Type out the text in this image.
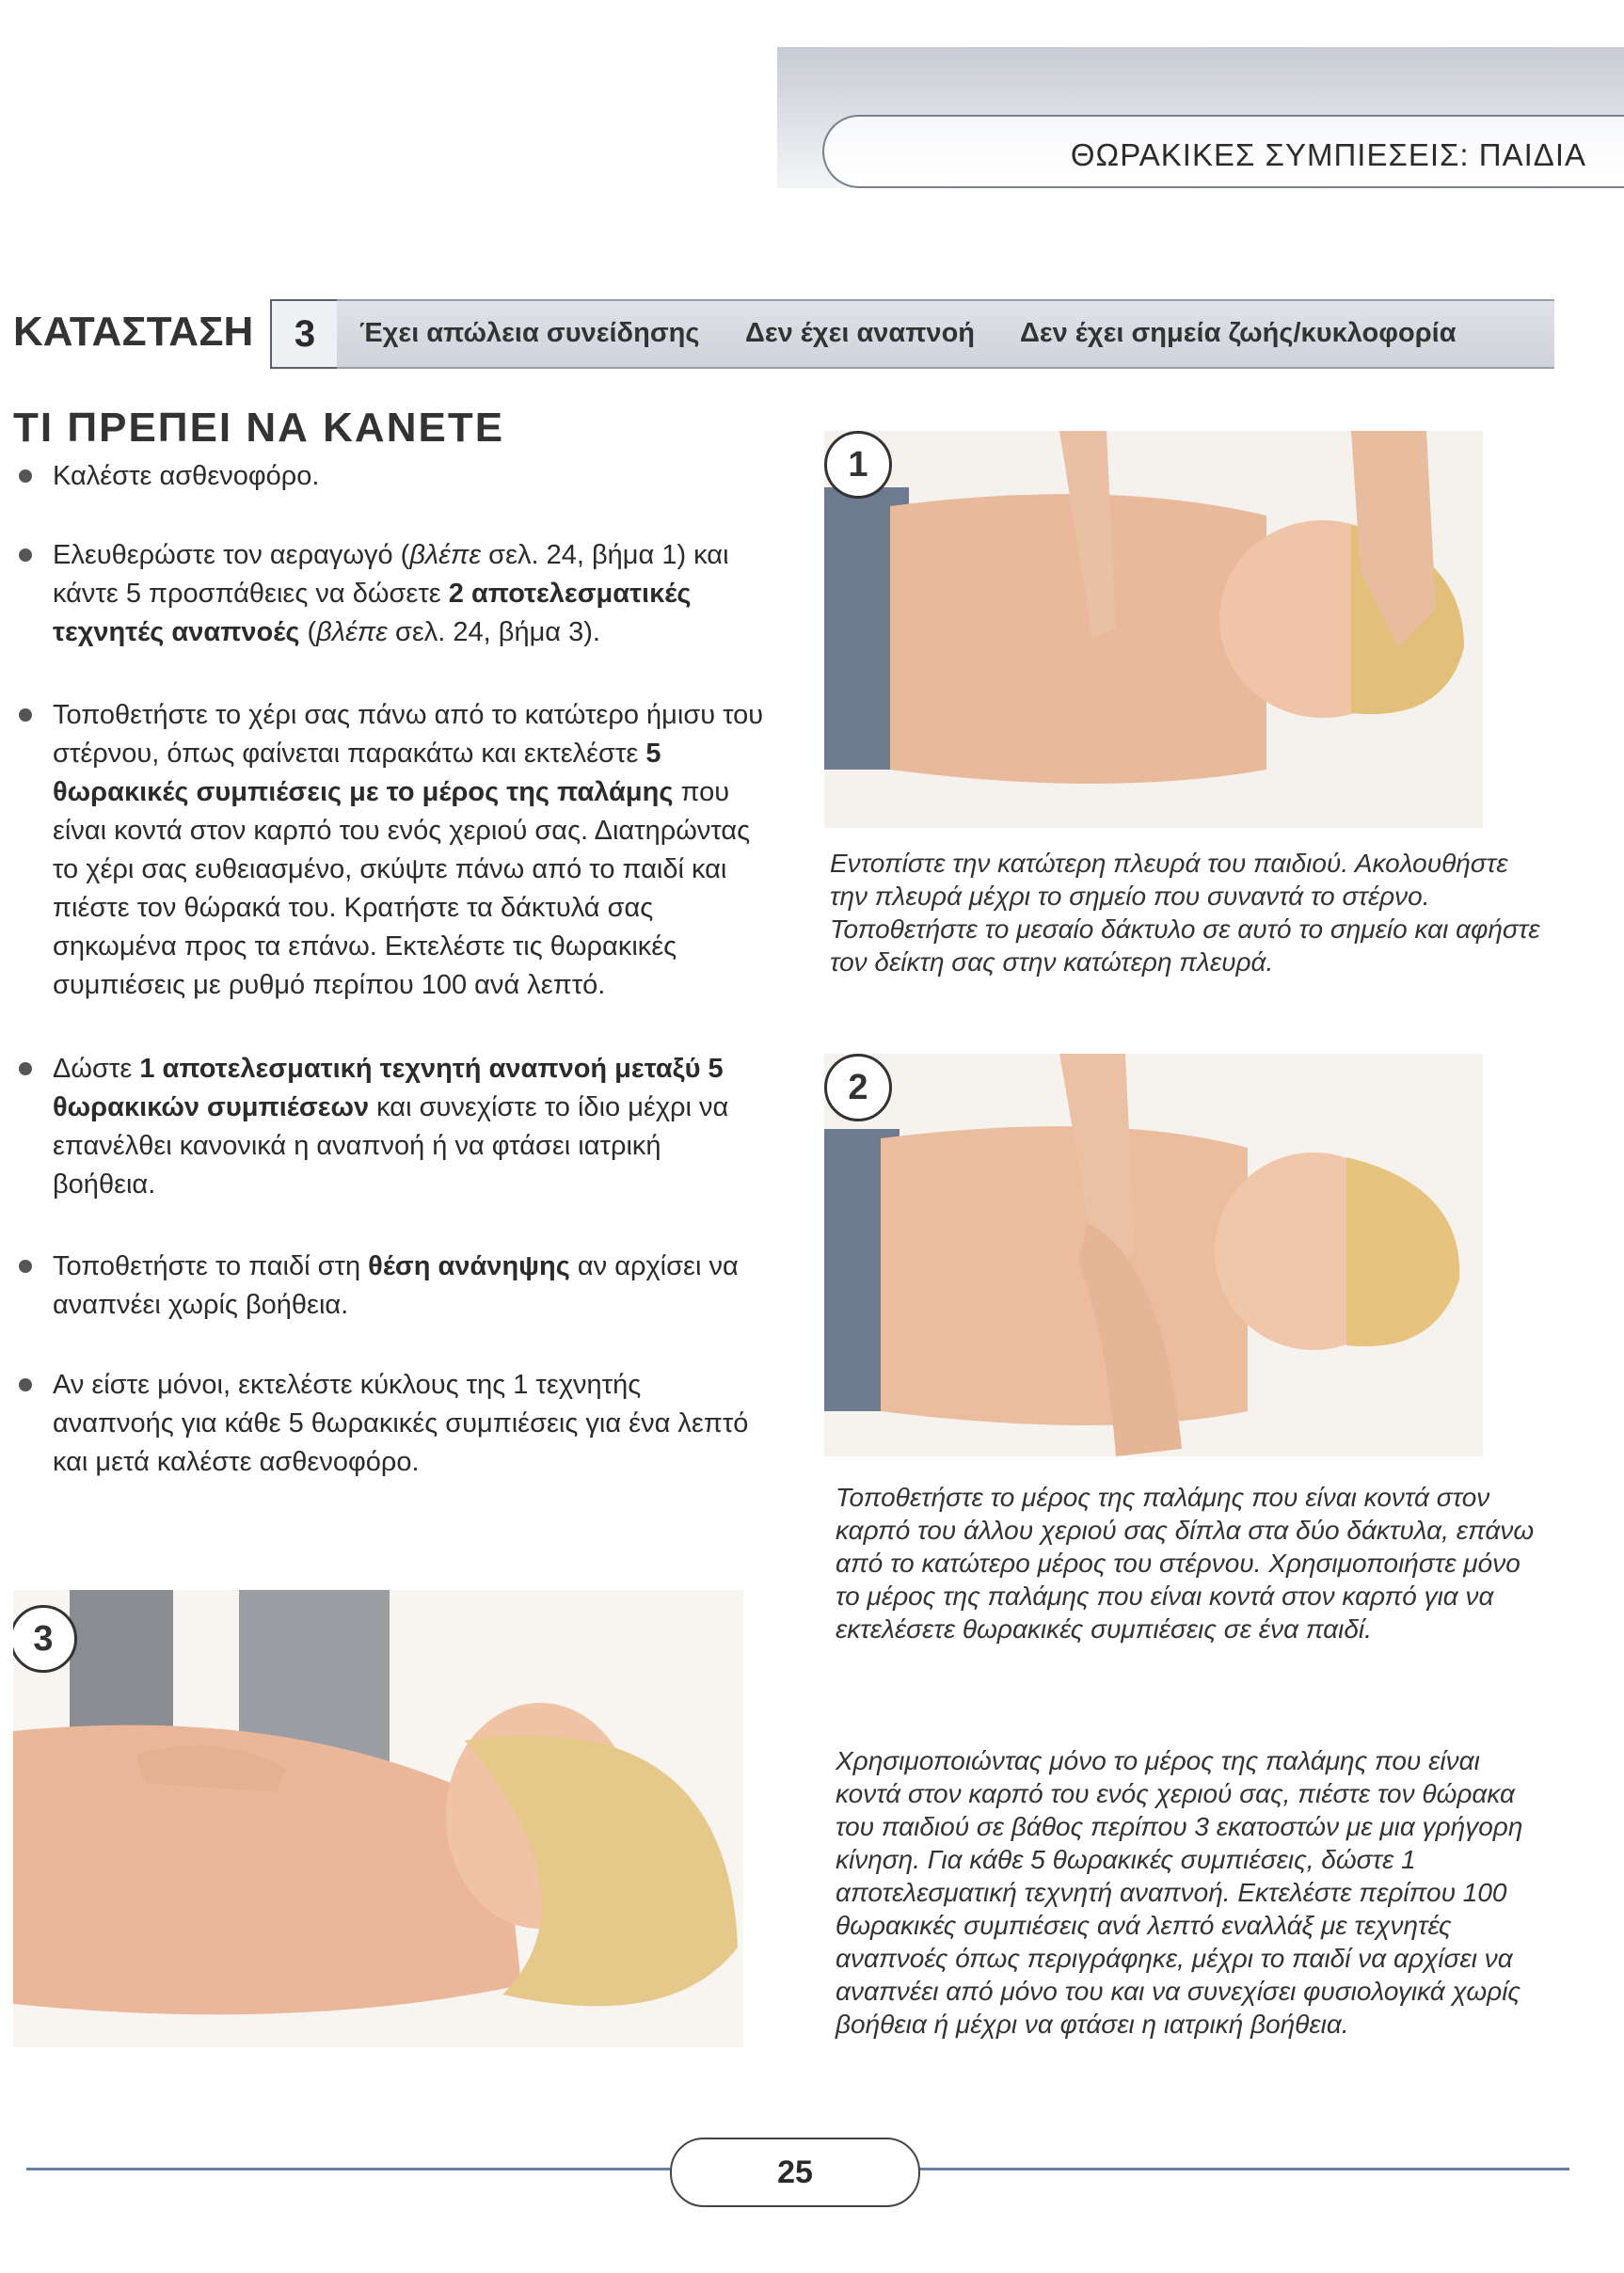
ΘΩΡΑΚΙΚΕΣ ΣΥΜΠΙΕΣΕΙΣ: ΠΑΙΔΙΑ
ΚΑΤΑΣΤΑΣΗ	3	Έχει απώλεια συνείδησης Δεν έχει αναπνοή Δεν έχει σημεία ζωής/κυκλοφορία
ΤΙ ΠΡΕΠΕΙ ΝΑ ΚΑΝΕΤΕ
Καλέστε ασθενοφόρο.
Ελευθερώστε τον αεραγωγό (βλέπε σελ. 24, βήμα 1) και κάντε 5 προσπάθειες να δώσετε 2 αποτελεσματικές τεχνητές αναπνοές (βλέπε σελ. 24, βήμα 3).
Τοποθετήστε το χέρι σας πάνω από το κατώτερο ήμισυ του στέρνου, όπως φαίνεται παρακάτω και εκτελέστε 5 θωρακικές συμπιέσεις με το μέρος της παλάμης που είναι κοντά στον καρπό του ενός χεριού σας. Διατηρώντας το χέρι σας ευθειασμένο, σκύψτε πάνω από το παιδί και πιέστε τον θώρακά του. Κρατήστε τα δάκτυλά σας σηκωμένα προς τα επάνω. Εκτελέστε τις θωρακικές συμπιέσεις με ρυθμό περίπου 100 ανά λεπτό.
Δώστε 1 αποτελεσματική τεχνητή αναπνοή μεταξύ 5 θωρακικών συμπιέσεων και συνεχίστε το ίδιο μέχρι να επανέλθει κανονικά η αναπνοή ή να φτάσει ιατρική βοήθεια.
Τοποθετήστε το παιδί στη θέση ανάνηψης αν αρχίσει να αναπνέει χωρίς βοήθεια.
Αν είστε μόνοι, εκτελέστε κύκλους της 1 τεχνητής αναπνοής για κάθε 5 θωρακικές συμπιέσεις για ένα λεπτό και μετά καλέστε ασθενοφόρο.
1
Εντοπίστε την κατώτερη πλευρά του παιδιού. Ακολουθήστε την πλευρά μέχρι το σημείο που συναντά το στέρνο. Τοποθετήστε το μεσαίο δάκτυλο σε αυτό το σημείο και αφήστε τον δείκτη σας στην κατώτερη πλευρά.
2
Τοποθετήστε το μέρος της παλάμης που είναι κοντά στον καρπό του άλλου χεριού σας δίπλα στα δύο δάκτυλα, επάνω από το κατώτερο μέρος του στέρνου. Χρησιμοποιήστε μόνο το μέρος της παλάμης που είναι κοντά στον καρπό για να εκτελέσετε θωρακικές συμπιέσεις σε ένα παιδί.
3
Χρησιμοποιώντας μόνο το μέρος της παλάμης που είναι κοντά στον καρπό του ενός χεριού σας, πιέστε τον θώρακα του παιδιού σε βάθος περίπου 3 εκατοστών με μια γρήγορη κίνηση. Για κάθε 5 θωρακικές συμπιέσεις, δώστε 1 αποτελεσματική τεχνητή αναπνοή. Εκτελέστε περίπου 100 θωρακικές συμπιέσεις ανά λεπτό εναλλάξ με τεχνητές αναπνοές όπως περιγράφηκε, μέχρι το παιδί να αρχίσει να αναπνέει από μόνο του και να συνεχίσει φυσιολογικά χωρίς βοήθεια ή μέχρι να φτάσει η ιατρική βοήθεια.
25
